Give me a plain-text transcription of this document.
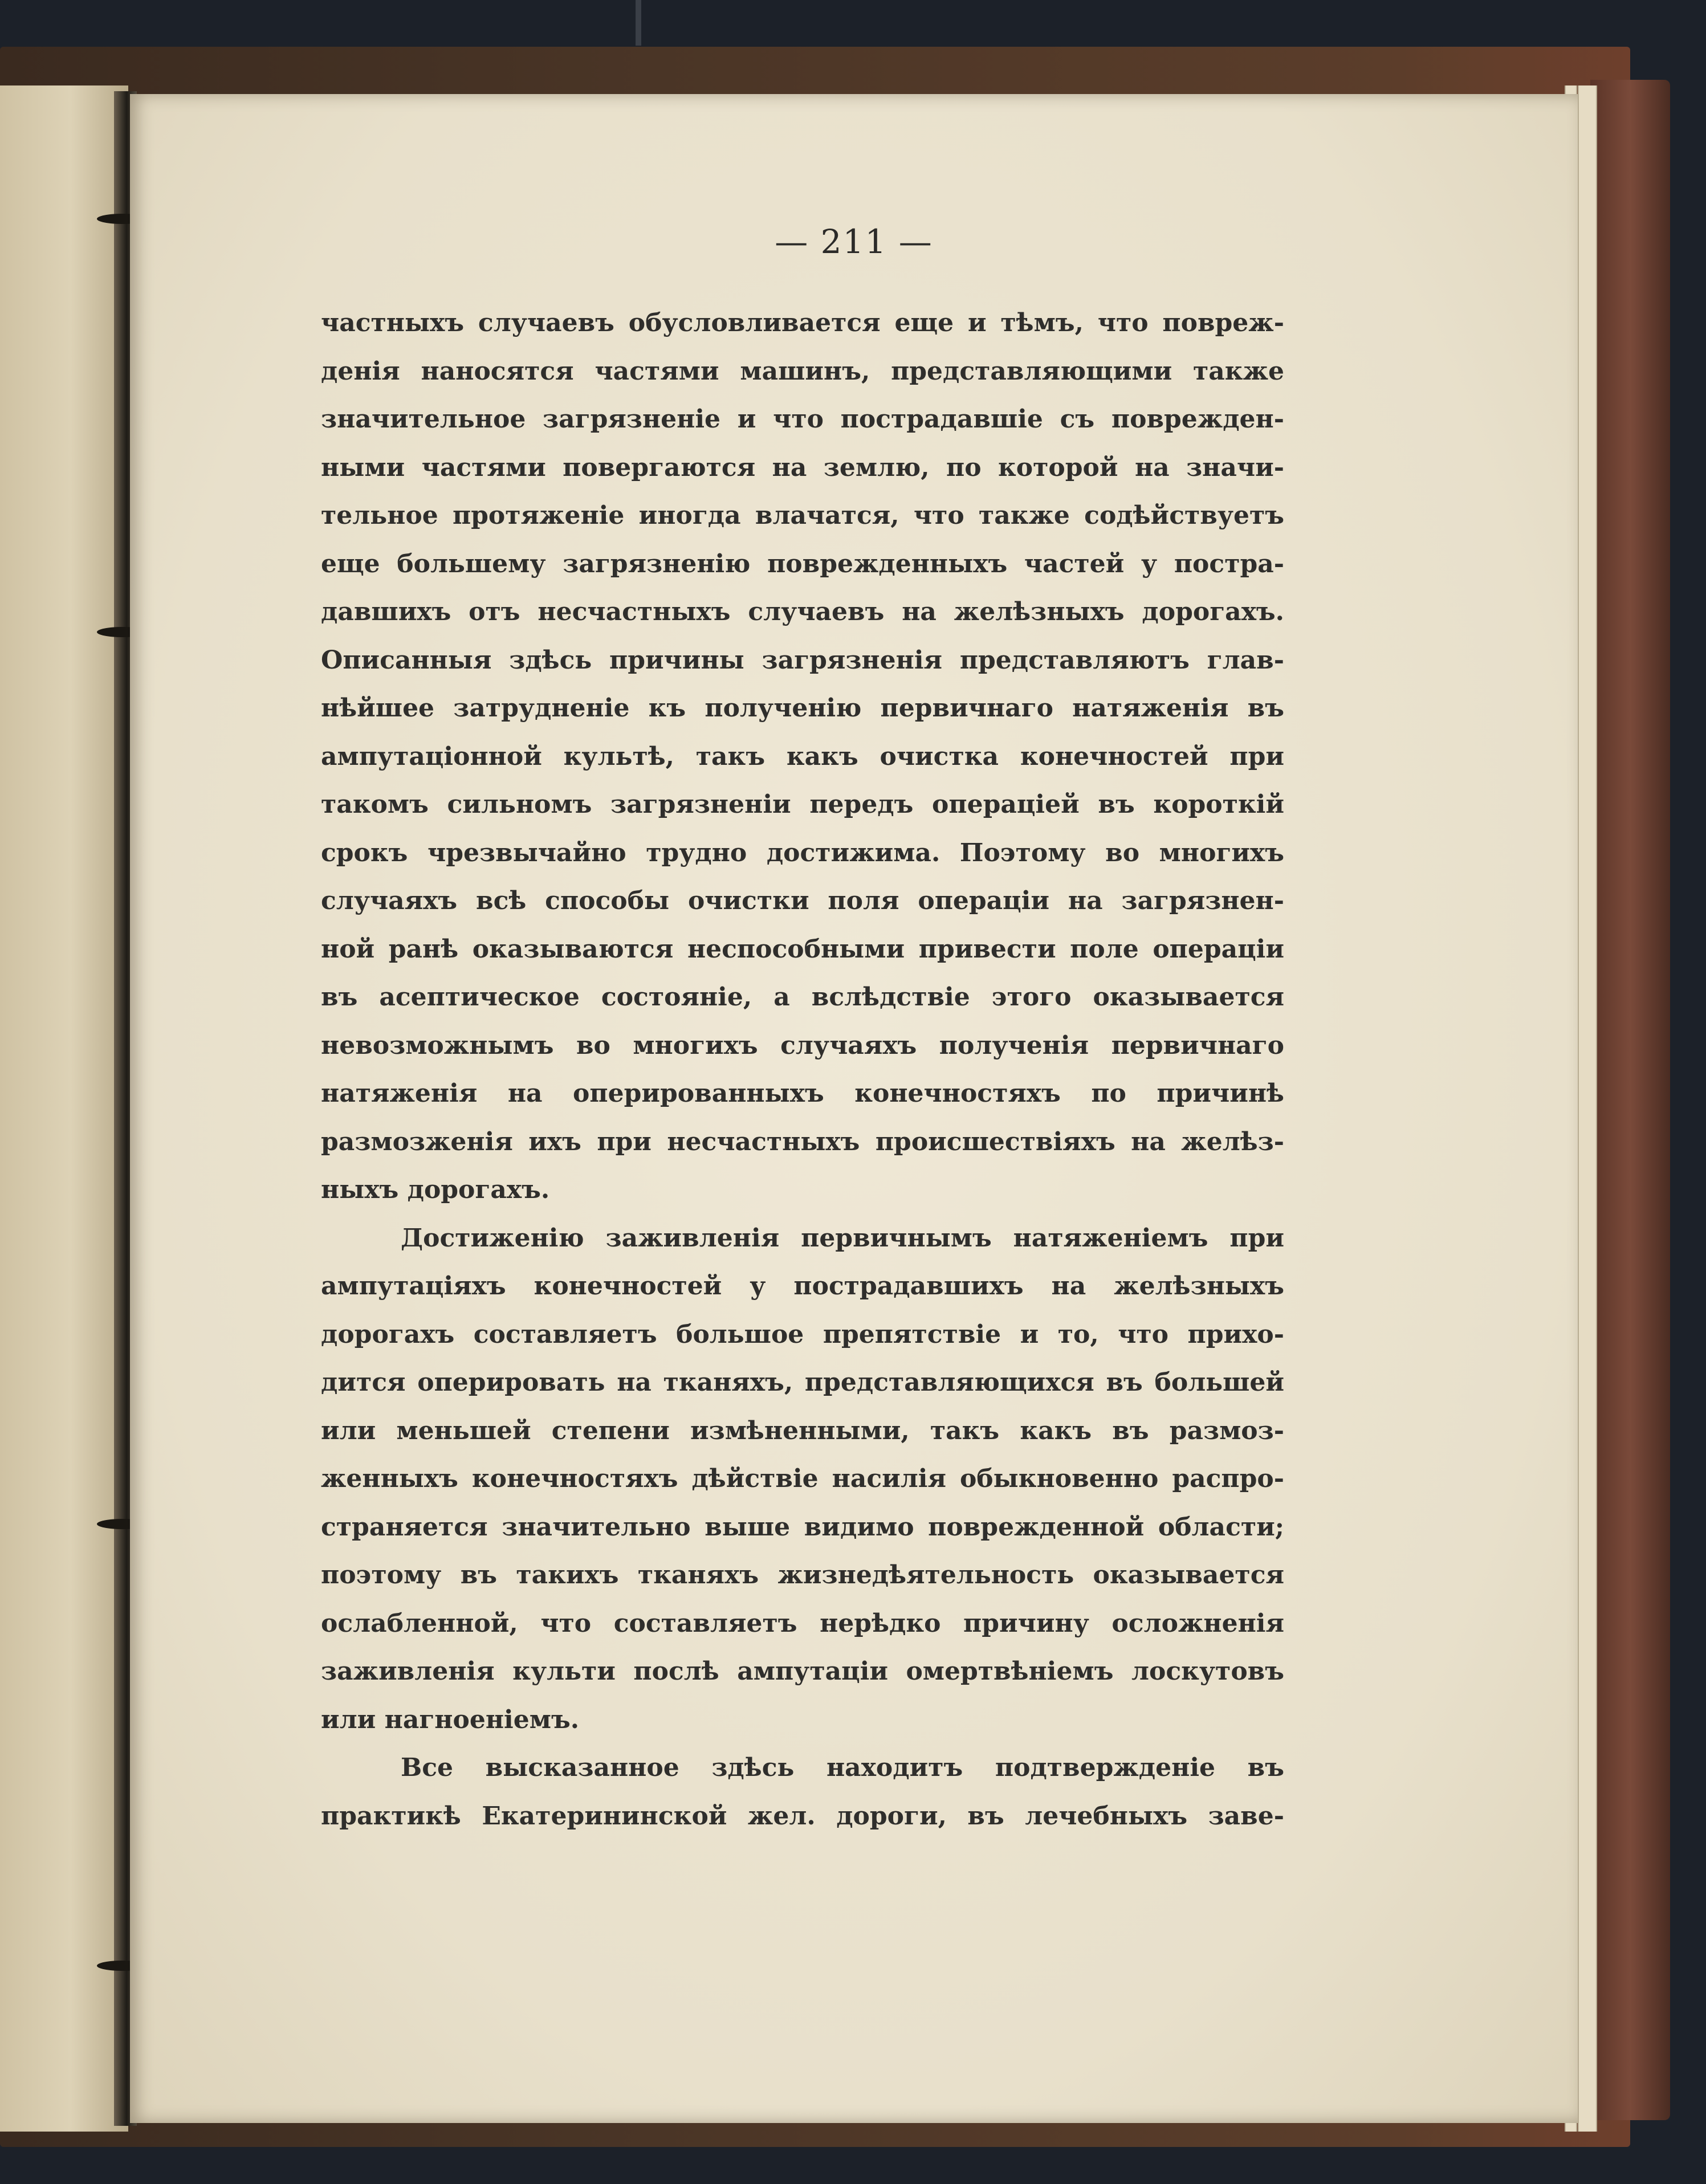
— 211 —
частныхъ случаевъ обусловливается еще и тѣмъ, что повреж-
денія наносятся частями машинъ, представляющими также
значительное загрязненіе и что пострадавшіе съ поврежден-
ными частями повергаются на землю, по которой на значи-
тельное протяженіе иногда влачатся, что также содѣйствуетъ
еще большему загрязненію поврежденныхъ частей у постра-
давшихъ отъ несчастныхъ случаевъ на желѣзныхъ дорогахъ.
Описанныя здѣсь причины загрязненія представляютъ глав-
нѣйшее затрудненіе къ полученію первичнаго натяженія въ
ампутаціонной культѣ, такъ какъ очистка конечностей при
такомъ сильномъ загрязненіи передъ операціей въ короткій
срокъ чрезвычайно трудно достижима. Поэтому во многихъ
случаяхъ всѣ способы очистки поля операціи на загрязнен-
ной ранѣ оказываются неспособными привести поле операціи
въ асептическое состояніе, а вслѣдствіе этого оказывается
невозможнымъ во многихъ случаяхъ полученія первичнаго
натяженія на оперированныхъ конечностяхъ по причинѣ
размозженія ихъ при несчастныхъ происшествіяхъ на желѣз-
ныхъ дорогахъ.
Достиженію заживленія первичнымъ натяженіемъ при
ампутаціяхъ конечностей у пострадавшихъ на желѣзныхъ
дорогахъ составляетъ большое препятствіе и то, что прихо-
дится оперировать на тканяхъ, представляющихся въ большей
или меньшей степени измѣненными, такъ какъ въ размоз-
женныхъ конечностяхъ дѣйствіе насилія обыкновенно распро-
страняется значительно выше видимо поврежденной области;
поэтому въ такихъ тканяхъ жизнедѣятельность оказывается
ослабленной, что составляетъ нерѣдко причину осложненія
заживленія культи послѣ ампутаціи омертвѣніемъ лоскутовъ
или нагноеніемъ.
Все высказанное здѣсь находитъ подтвержденіе въ
практикѣ Екатерининской жел. дороги, въ лечебныхъ заве-
